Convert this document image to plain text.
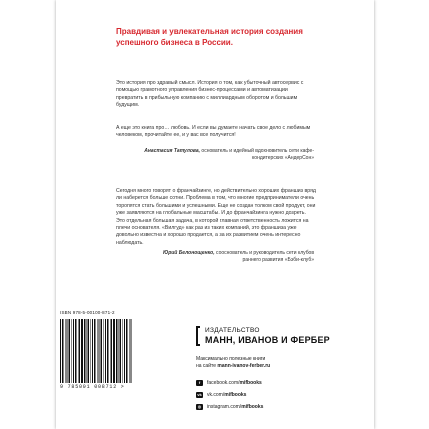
Правдивая и увлекательная история создания успешного бизнеса в России.

Это история про здравый смысл. История о том, как убыточный автосервис с помощью грамотного управления бизнес-процессами и автоматизации превратить в прибыльную компанию с миллиардным оборотом и большим будущим.

А еще это книга про… любовь. И если вы думаете начать свое дело с любимым человеком, прочитайте ее, и у вас все получится!

Анастасия Татулова, основатель и идейный вдохновитель сети кафе-кондитерских «АндерСон»

Сегодня много говорят о франчайзинге, но действительно хороших франшиз вряд ли наберется больше сотни. Проблема в том, что многие предприниматели очень торопятся стать большими и успешными. Еще не создан толком свой продукт, они уже заявляются на глобальные масштабы. И до франчайзинга нужно дозреть. Это отдельная большая задача, в которой главная ответственность ложится на плечи основателя. «Вилгуд» как раз из таких компаний, это франшиза уже довольно известна и хорошо продается, а за их развитием очень интересно наблюдать.

Юрий Белонощенко, сооснователь и руководитель сети клубов раннего развития «Бэби-клуб»
ISBN 978-5-00100-871-2
9 785001 008712 >
ИЗДАТЕЛЬСТВО
МАНН, ИВАНОВ И ФЕРБЕР
Максимально полезные книги
на сайте mann-ivanov-ferber.ru
f	facebook.com/ mifbooks
vk vk.com/ mifbooks
◎	instagram.com/ mifbooks
